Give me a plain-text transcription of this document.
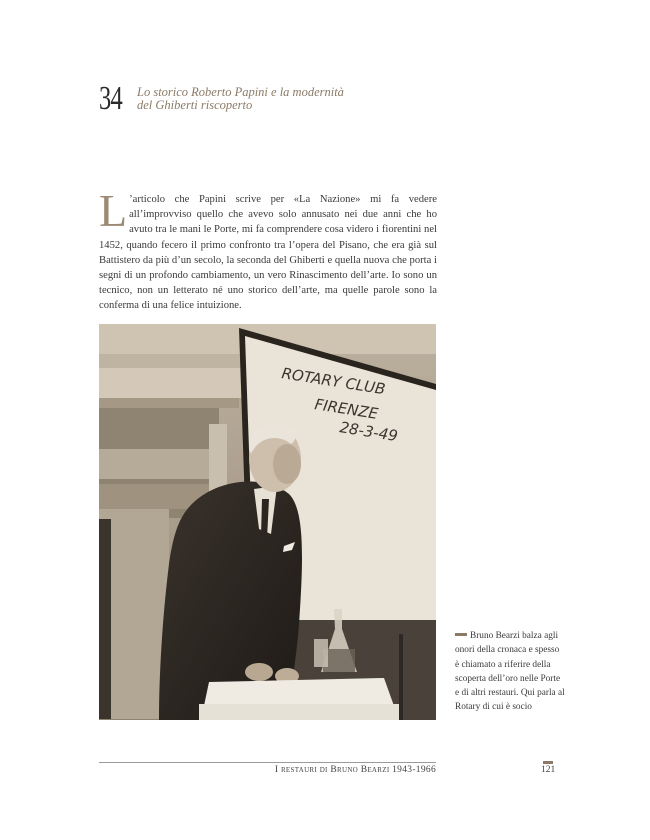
34 Lo storico Roberto Papini e la modernità
del Ghiberti riscoperto
L ’articolo che Papini scrive per «La Nazione» mi fa vedere all’improvviso quello che avevo solo annusato nei due anni che ho avuto tra le mani le Porte, mi fa comprendere cosa videro i fiorentini nel 1452, quando fecero il primo confronto tra l’opera del Pisano, che era già sul Battistero da più d’un secolo, la seconda del Ghiberti e quella nuova che porta i segni di un profondo cambiamento, un vero Rinascimento dell’arte. Io sono un tecnico, non un letterato né uno storico dell’arte, ma quelle parole sono la conferma di una felice intuizione.
ROTARY CLUB
FIRENZE
28-3-49
Bruno Bearzi balza agli onori della cronaca e spesso è chiamato a riferire della scoperta dell’oro nelle Porte e di altri restauri. Qui parla al Rotary di cui è socio
I restauri di Bruno Bearzi 1943-1966	121
